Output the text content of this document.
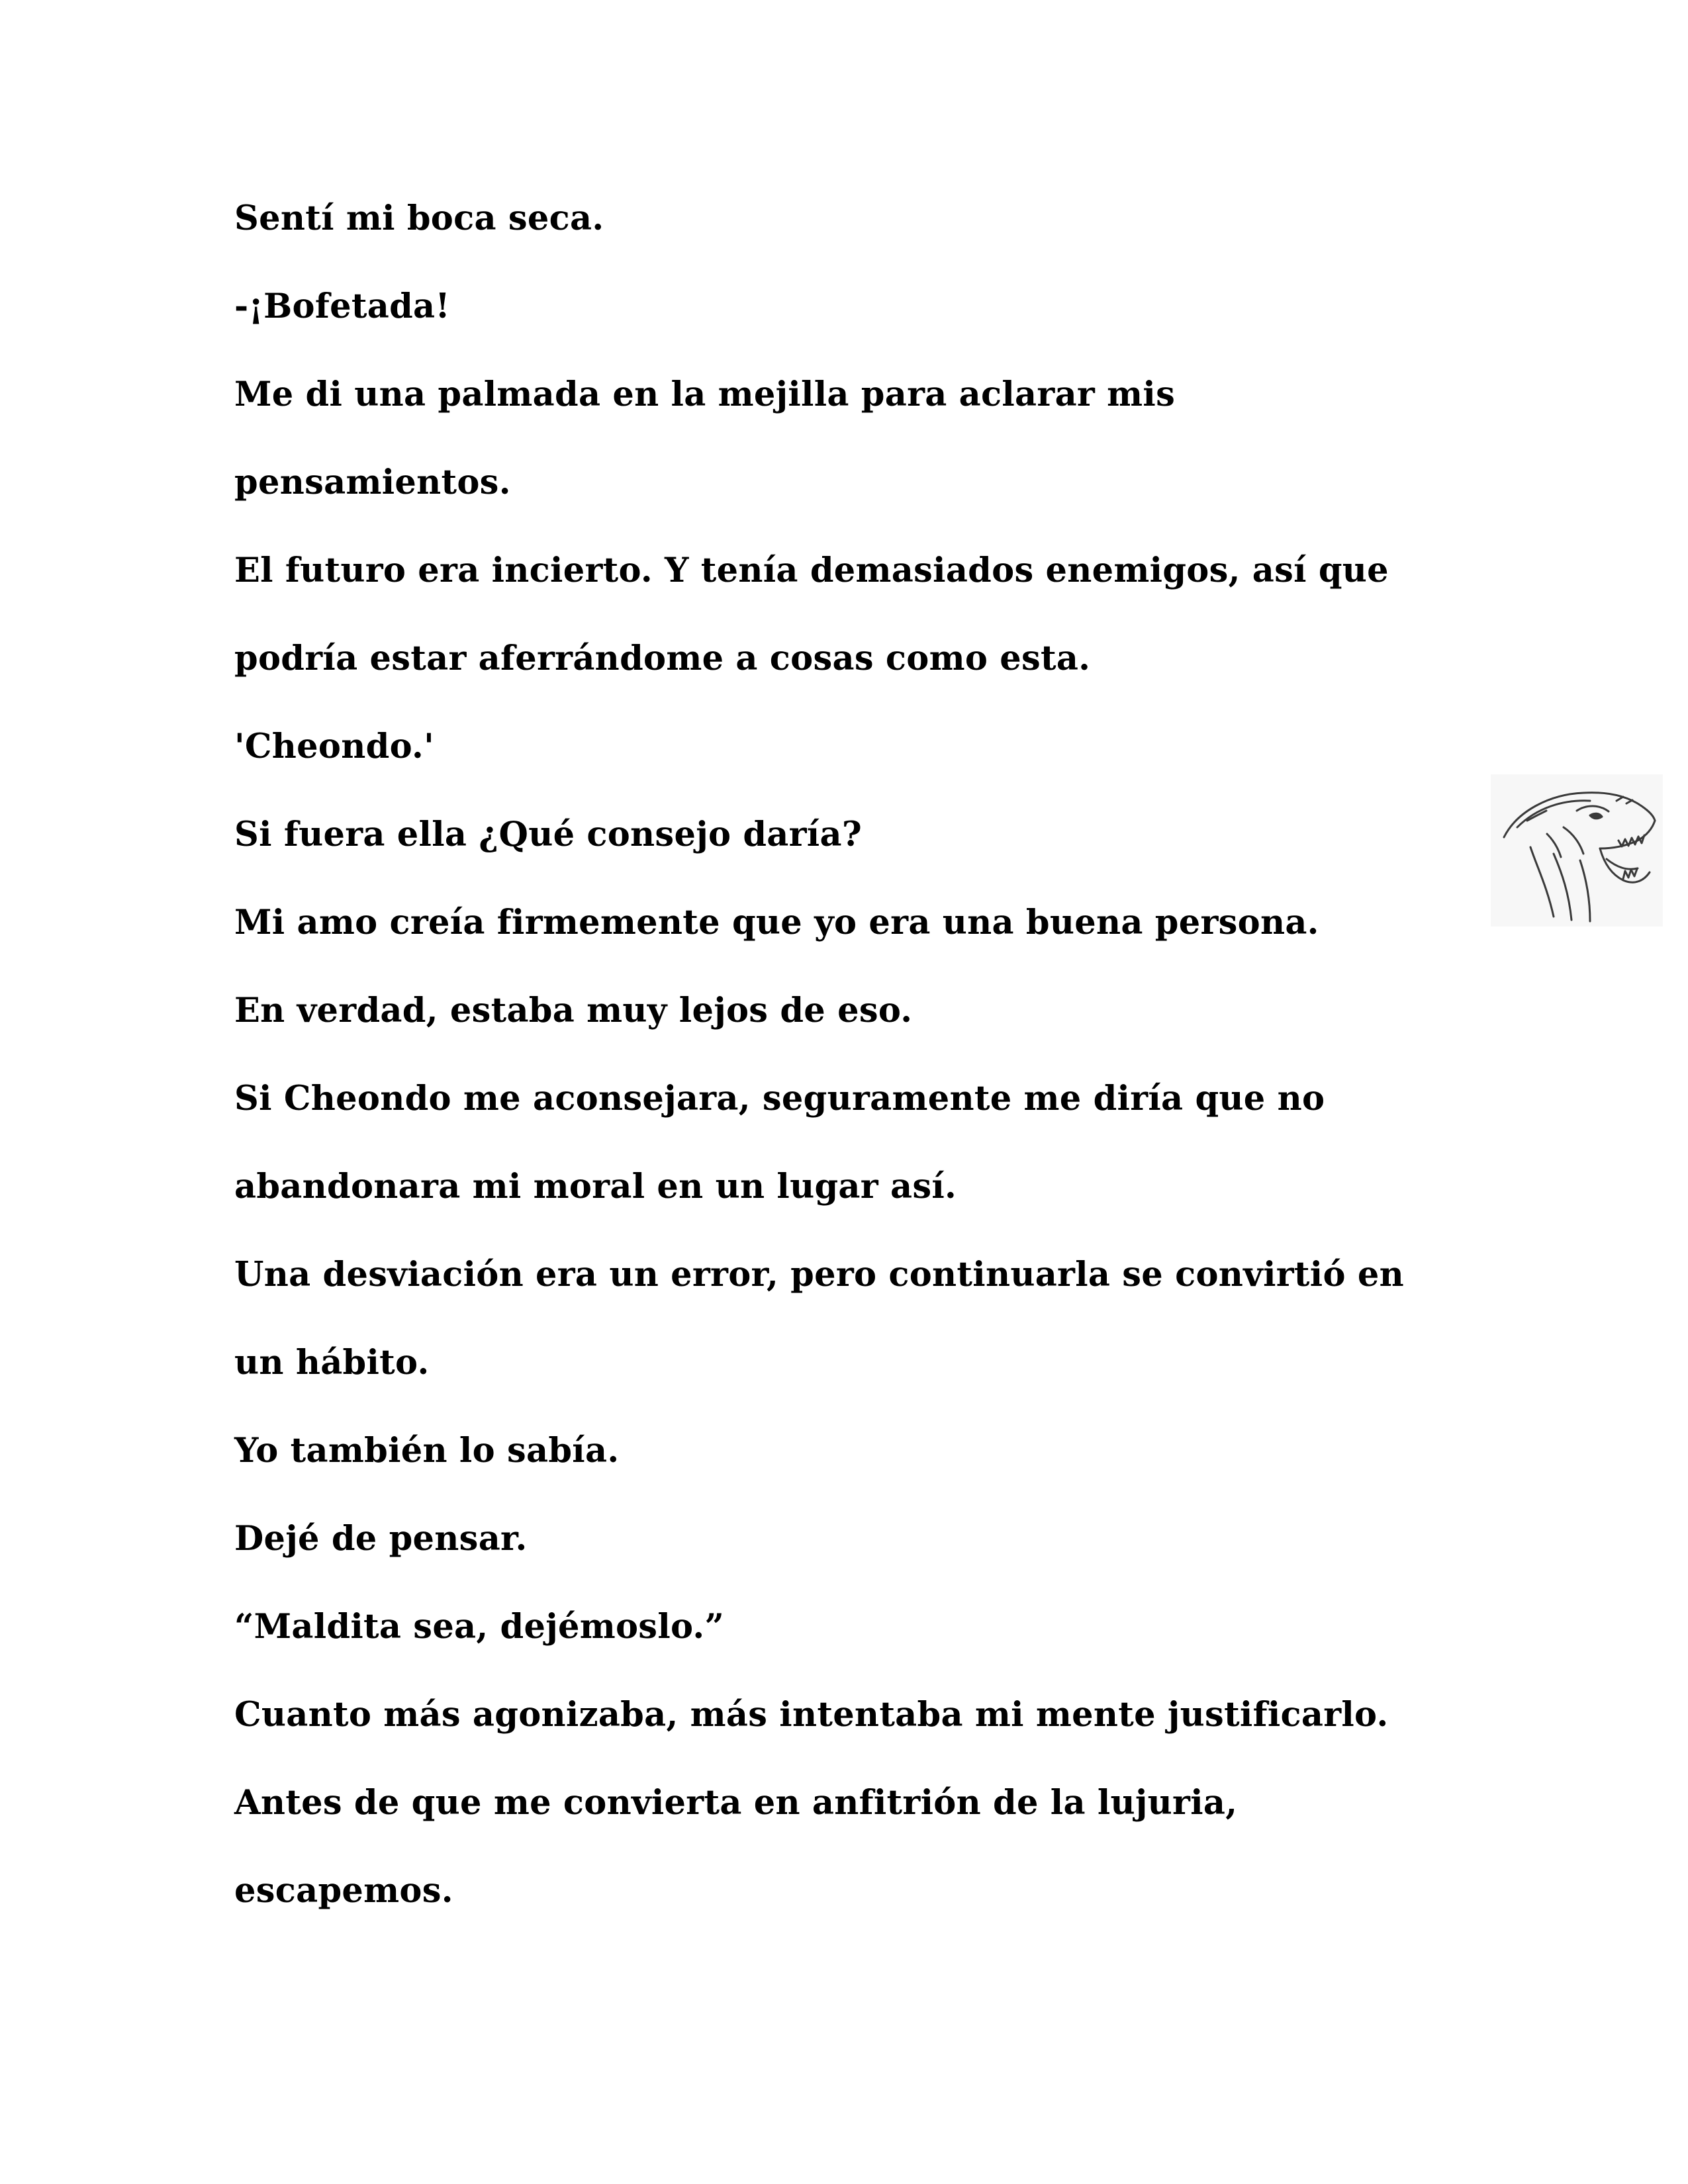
Sentí mi boca seca.
-¡Bofetada!
Me di una palmada en la mejilla para aclarar mis
pensamientos.
El futuro era incierto. Y tenía demasiados enemigos, así que
podría estar aferrándome a cosas como esta.
'Cheondo.'
Si fuera ella ¿Qué consejo daría?
Mi amo creía firmemente que yo era una buena persona.
En verdad, estaba muy lejos de eso.
Si Cheondo me aconsejara, seguramente me diría que no
abandonara mi moral en un lugar así.
Una desviación era un error, pero continuarla se convirtió en
un hábito.
Yo también lo sabía.
Dejé de pensar.
“Maldita sea, dejémoslo.”
Cuanto más agonizaba, más intentaba mi mente justificarlo.
Antes de que me convierta en anfitrión de la lujuria,
escapemos.
